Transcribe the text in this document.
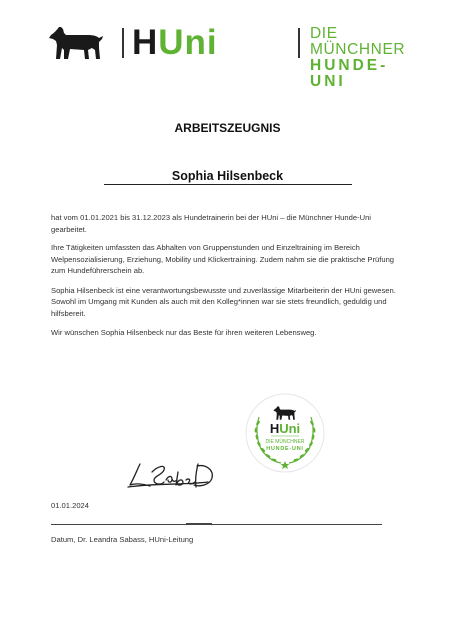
HUni	DIE MÜNCHNER
HUNDE-UNI
ARBEITSZEUGNIS
Sophia Hilsenbeck

hat vom 01.01.2021 bis 31.12.2023 als Hundetrainerin bei der HUni – die Münchner Hunde-Uni gearbeitet.

Ihre Tätigkeiten umfassten das Abhalten von Gruppenstunden und Einzeltraining im Bereich Welpensozialisierung, Erziehung, Mobility und Klickertraining. Zudem nahm sie die praktische Prüfung zum Hundeführerschein ab.

Sophia Hilsenbeck ist eine verantwortungsbewusste und zuverlässige Mitarbeiterin der HUni gewesen. Sowohl im Umgang mit Kunden als auch mit den Kolleg*innen war sie stets freundlich, geduldig und hilfsbereit.

Wir wünschen Sophia Hilsenbeck nur das Beste für ihren weiteren Lebensweg.

HUni
DIE MÜNCHNER
HUNDE-UNI
01.01.2024
Datum, Dr. Leandra Sabass, HUni-Leitung
